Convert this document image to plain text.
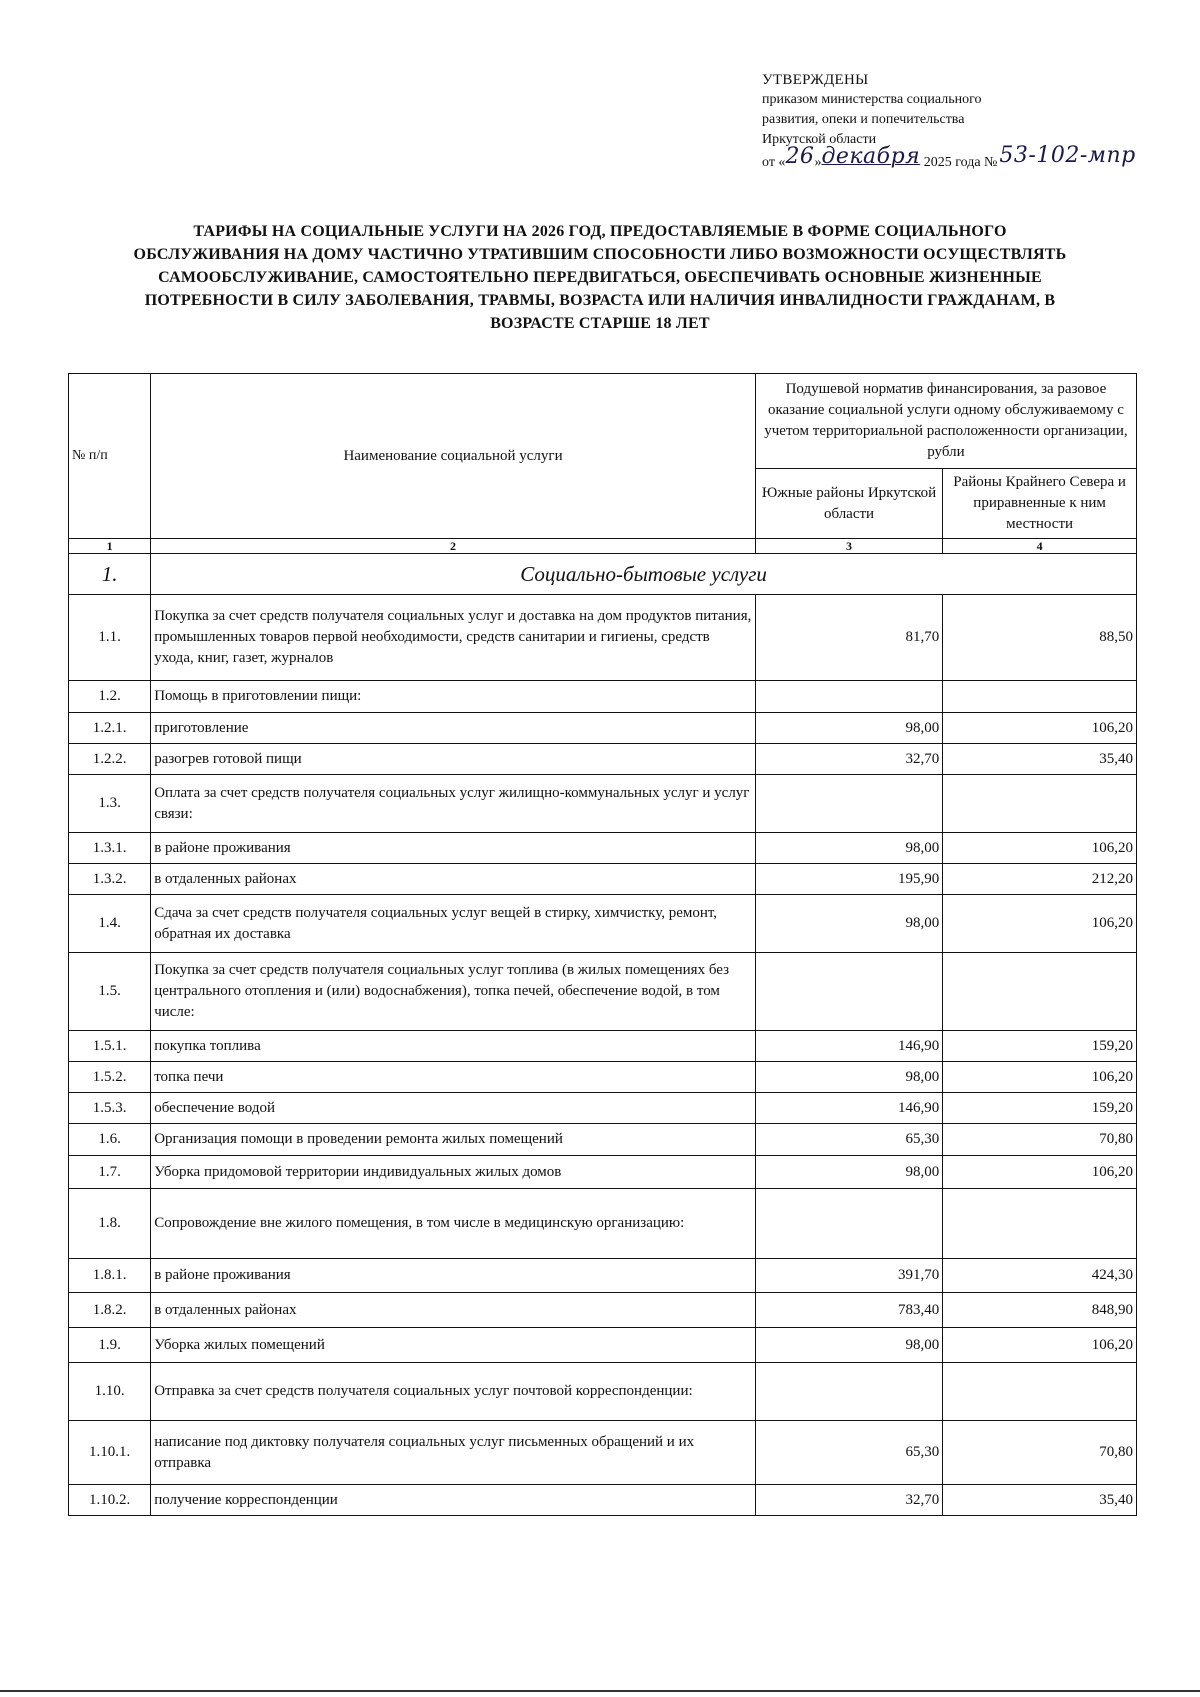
УТВЕРЖДЕНЫ
приказом министерства социального
развития, опеки и попечительства
Иркутской области
от «26»декабря 2025 года №53-102-мпр
ТАРИФЫ НА СОЦИАЛЬНЫЕ УСЛУГИ НА 2026 ГОД, ПРЕДОСТАВЛЯЕМЫЕ В ФОРМЕ СОЦИАЛЬНОГО
ОБСЛУЖИВАНИЯ НА ДОМУ ЧАСТИЧНО УТРАТИВШИМ СПОСОБНОСТИ ЛИБО ВОЗМОЖНОСТИ ОСУЩЕСТВЛЯТЬ
САМООБСЛУЖИВАНИЕ, САМОСТОЯТЕЛЬНО ПЕРЕДВИГАТЬСЯ, ОБЕСПЕЧИВАТЬ ОСНОВНЫЕ ЖИЗНЕННЫЕ
ПОТРЕБНОСТИ В СИЛУ ЗАБОЛЕВАНИЯ, ТРАВМЫ, ВОЗРАСТА ИЛИ НАЛИЧИЯ ИНВАЛИДНОСТИ ГРАЖДАНАМ, В
ВОЗРАСТЕ СТАРШЕ 18 ЛЕТ
№ п/п	Наименование социальной услуги	Подушевой норматив финансирования, за разовое оказание социальной услуги одному обслуживаемому с учетом территориальной расположенности организации, рубли	
		Южные районы Иркутской области	Районы Крайнего Севера и приравненные к ним местности
1	2	3	4
1.	Социально-бытовые услуги		
1.1.	Покупка за счет средств получателя социальных услуг и доставка на дом продуктов питания, промышленных товаров первой необходимости, средств санитарии и гигиены, средств ухода, книг, газет, журналов	81,70	88,50
1.2.	Помощь в приготовлении пищи:		
1.2.1.	приготовление	98,00	106,20
1.2.2.	разогрев готовой пищи	32,70	35,40
1.3.	Оплата за счет средств получателя социальных услуг жилищно-коммунальных услуг и услуг связи:		
1.3.1.	в районе проживания	98,00	106,20
1.3.2.	в отдаленных районах	195,90	212,20
1.4.	Сдача за счет средств получателя социальных услуг вещей в стирку, химчистку, ремонт, обратная их доставка	98,00	106,20
1.5.	Покупка за счет средств получателя социальных услуг топлива (в жилых помещениях без центрального отопления и (или) водоснабжения), топка печей, обеспечение водой, в том числе:		
1.5.1.	покупка топлива	146,90	159,20
1.5.2.	топка печи	98,00	106,20
1.5.3.	обеспечение водой	146,90	159,20
1.6.	Организация помощи в проведении ремонта жилых помещений	65,30	70,80
1.7.	Уборка придомовой территории индивидуальных жилых домов	98,00	106,20
1.8.	Сопровождение вне жилого помещения, в том числе в медицинскую организацию:		
1.8.1.	в районе проживания	391,70	424,30
1.8.2.	в отдаленных районах	783,40	848,90
1.9.	Уборка жилых помещений	98,00	106,20
1.10.	Отправка за счет средств получателя социальных услуг почтовой корреспонденции:		
1.10.1.	написание под диктовку получателя социальных услуг письменных обращений и их отправка	65,30	70,80
1.10.2.	получение корреспонденции	32,70	35,40
